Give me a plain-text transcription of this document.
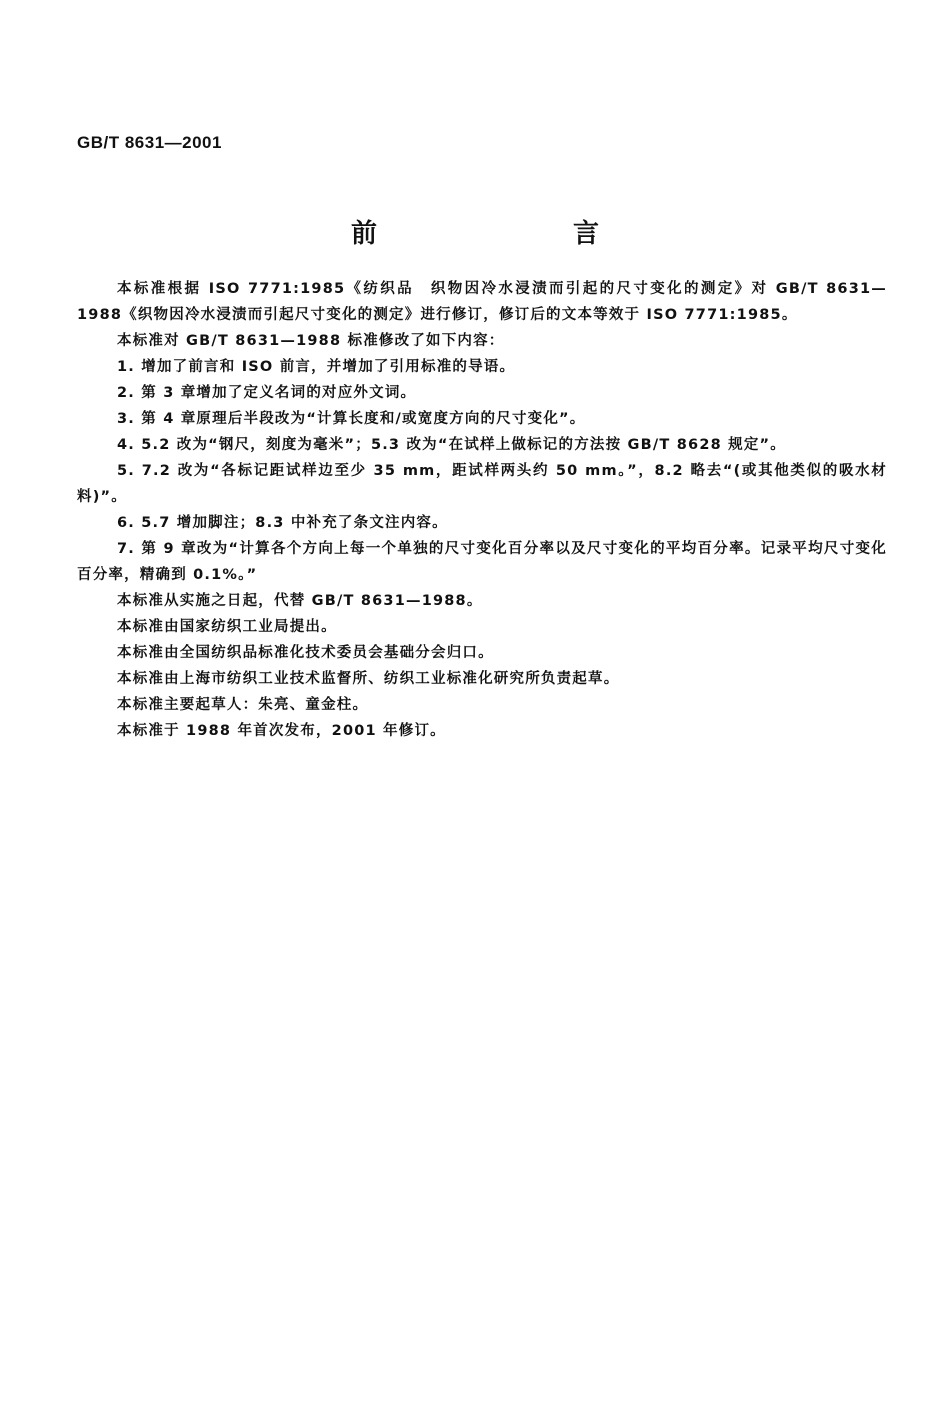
GB/T 8631—2001
前　言

本标准根据 ISO 7771:1985《纺织品　织物因冷水浸渍而引起的尺寸变化的测定》对 GB/T 8631—1988《织物因冷水浸渍而引起尺寸变化的测定》进行修订，修订后的文本等效于 ISO 7771:1985。

本标准对 GB/T 8631—1988 标准修改了如下内容：

1. 增加了前言和 ISO 前言，并增加了引用标准的导语。

2. 第 3 章增加了定义名词的对应外文词。

3. 第 4 章原理后半段改为“计算长度和/或宽度方向的尺寸变化”。

4. 5.2 改为“钢尺，刻度为毫米”；5.3 改为“在试样上做标记的方法按 GB/T 8628 规定”。

5. 7.2 改为“各标记距试样边至少 35 mm，距试样两头约 50 mm。”，8.2 略去“(或其他类似的吸水材料)”。

6. 5.7 增加脚注；8.3 中补充了条文注内容。

7. 第 9 章改为“计算各个方向上每一个单独的尺寸变化百分率以及尺寸变化的平均百分率。记录平均尺寸变化百分率，精确到 0.1%。”

本标准从实施之日起，代替 GB/T 8631—1988。

本标准由国家纺织工业局提出。

本标准由全国纺织品标准化技术委员会基础分会归口。

本标准由上海市纺织工业技术监督所、纺织工业标准化研究所负责起草。

本标准主要起草人：朱亮、童金柱。

本标准于 1988 年首次发布，2001 年修订。
